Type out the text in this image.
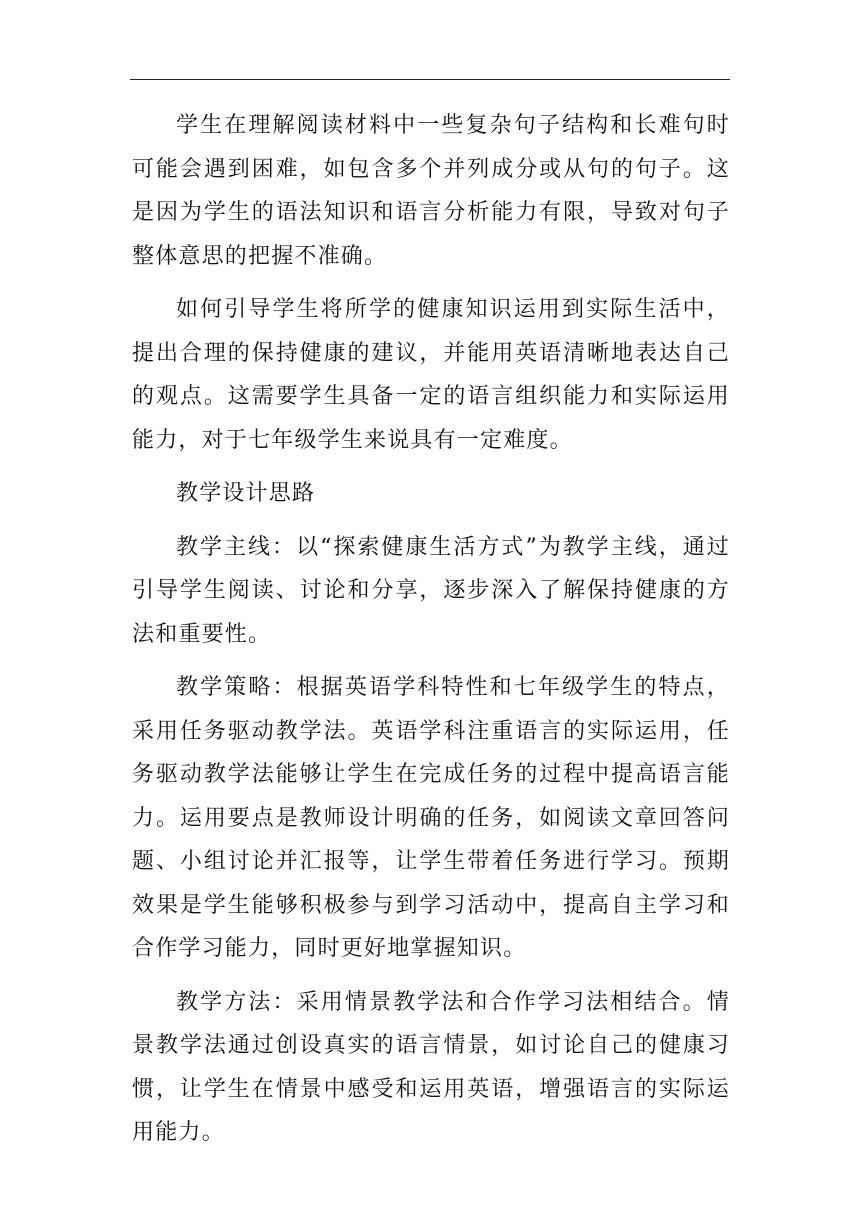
学生在理解阅读材料中一些复杂句子结构和长难句时可能会遇到困难，如包含多个并列成分或从句的句子。这是因为学生的语法知识和语言分析能力有限，导致对句子整体意思的把握不准确。

如何引导学生将所学的健康知识运用到实际生活中，提出合理的保持健康的建议，并能用英语清晰地表达自己的观点。这需要学生具备一定的语言组织能力和实际运用能力，对于七年级学生来说具有一定难度。

教学设计思路

教学主线：以“探索健康生活方式”为教学主线，通过引导学生阅读、讨论和分享，逐步深入了解保持健康的方法和重要性。

教学策略：根据英语学科特性和七年级学生的特点，采用任务驱动教学法。英语学科注重语言的实际运用，任务驱动教学法能够让学生在完成任务的过程中提高语言能力。运用要点是教师设计明确的任务，如阅读文章回答问题、小组讨论并汇报等，让学生带着任务进行学习。预期效果是学生能够积极参与到学习活动中，提高自主学习和合作学习能力，同时更好地掌握知识。

教学方法：采用情景教学法和合作学习法相结合。情景教学法通过创设真实的语言情景，如讨论自己的健康习惯，让学生在情景中感受和运用英语，增强语言的实际运用能力。
